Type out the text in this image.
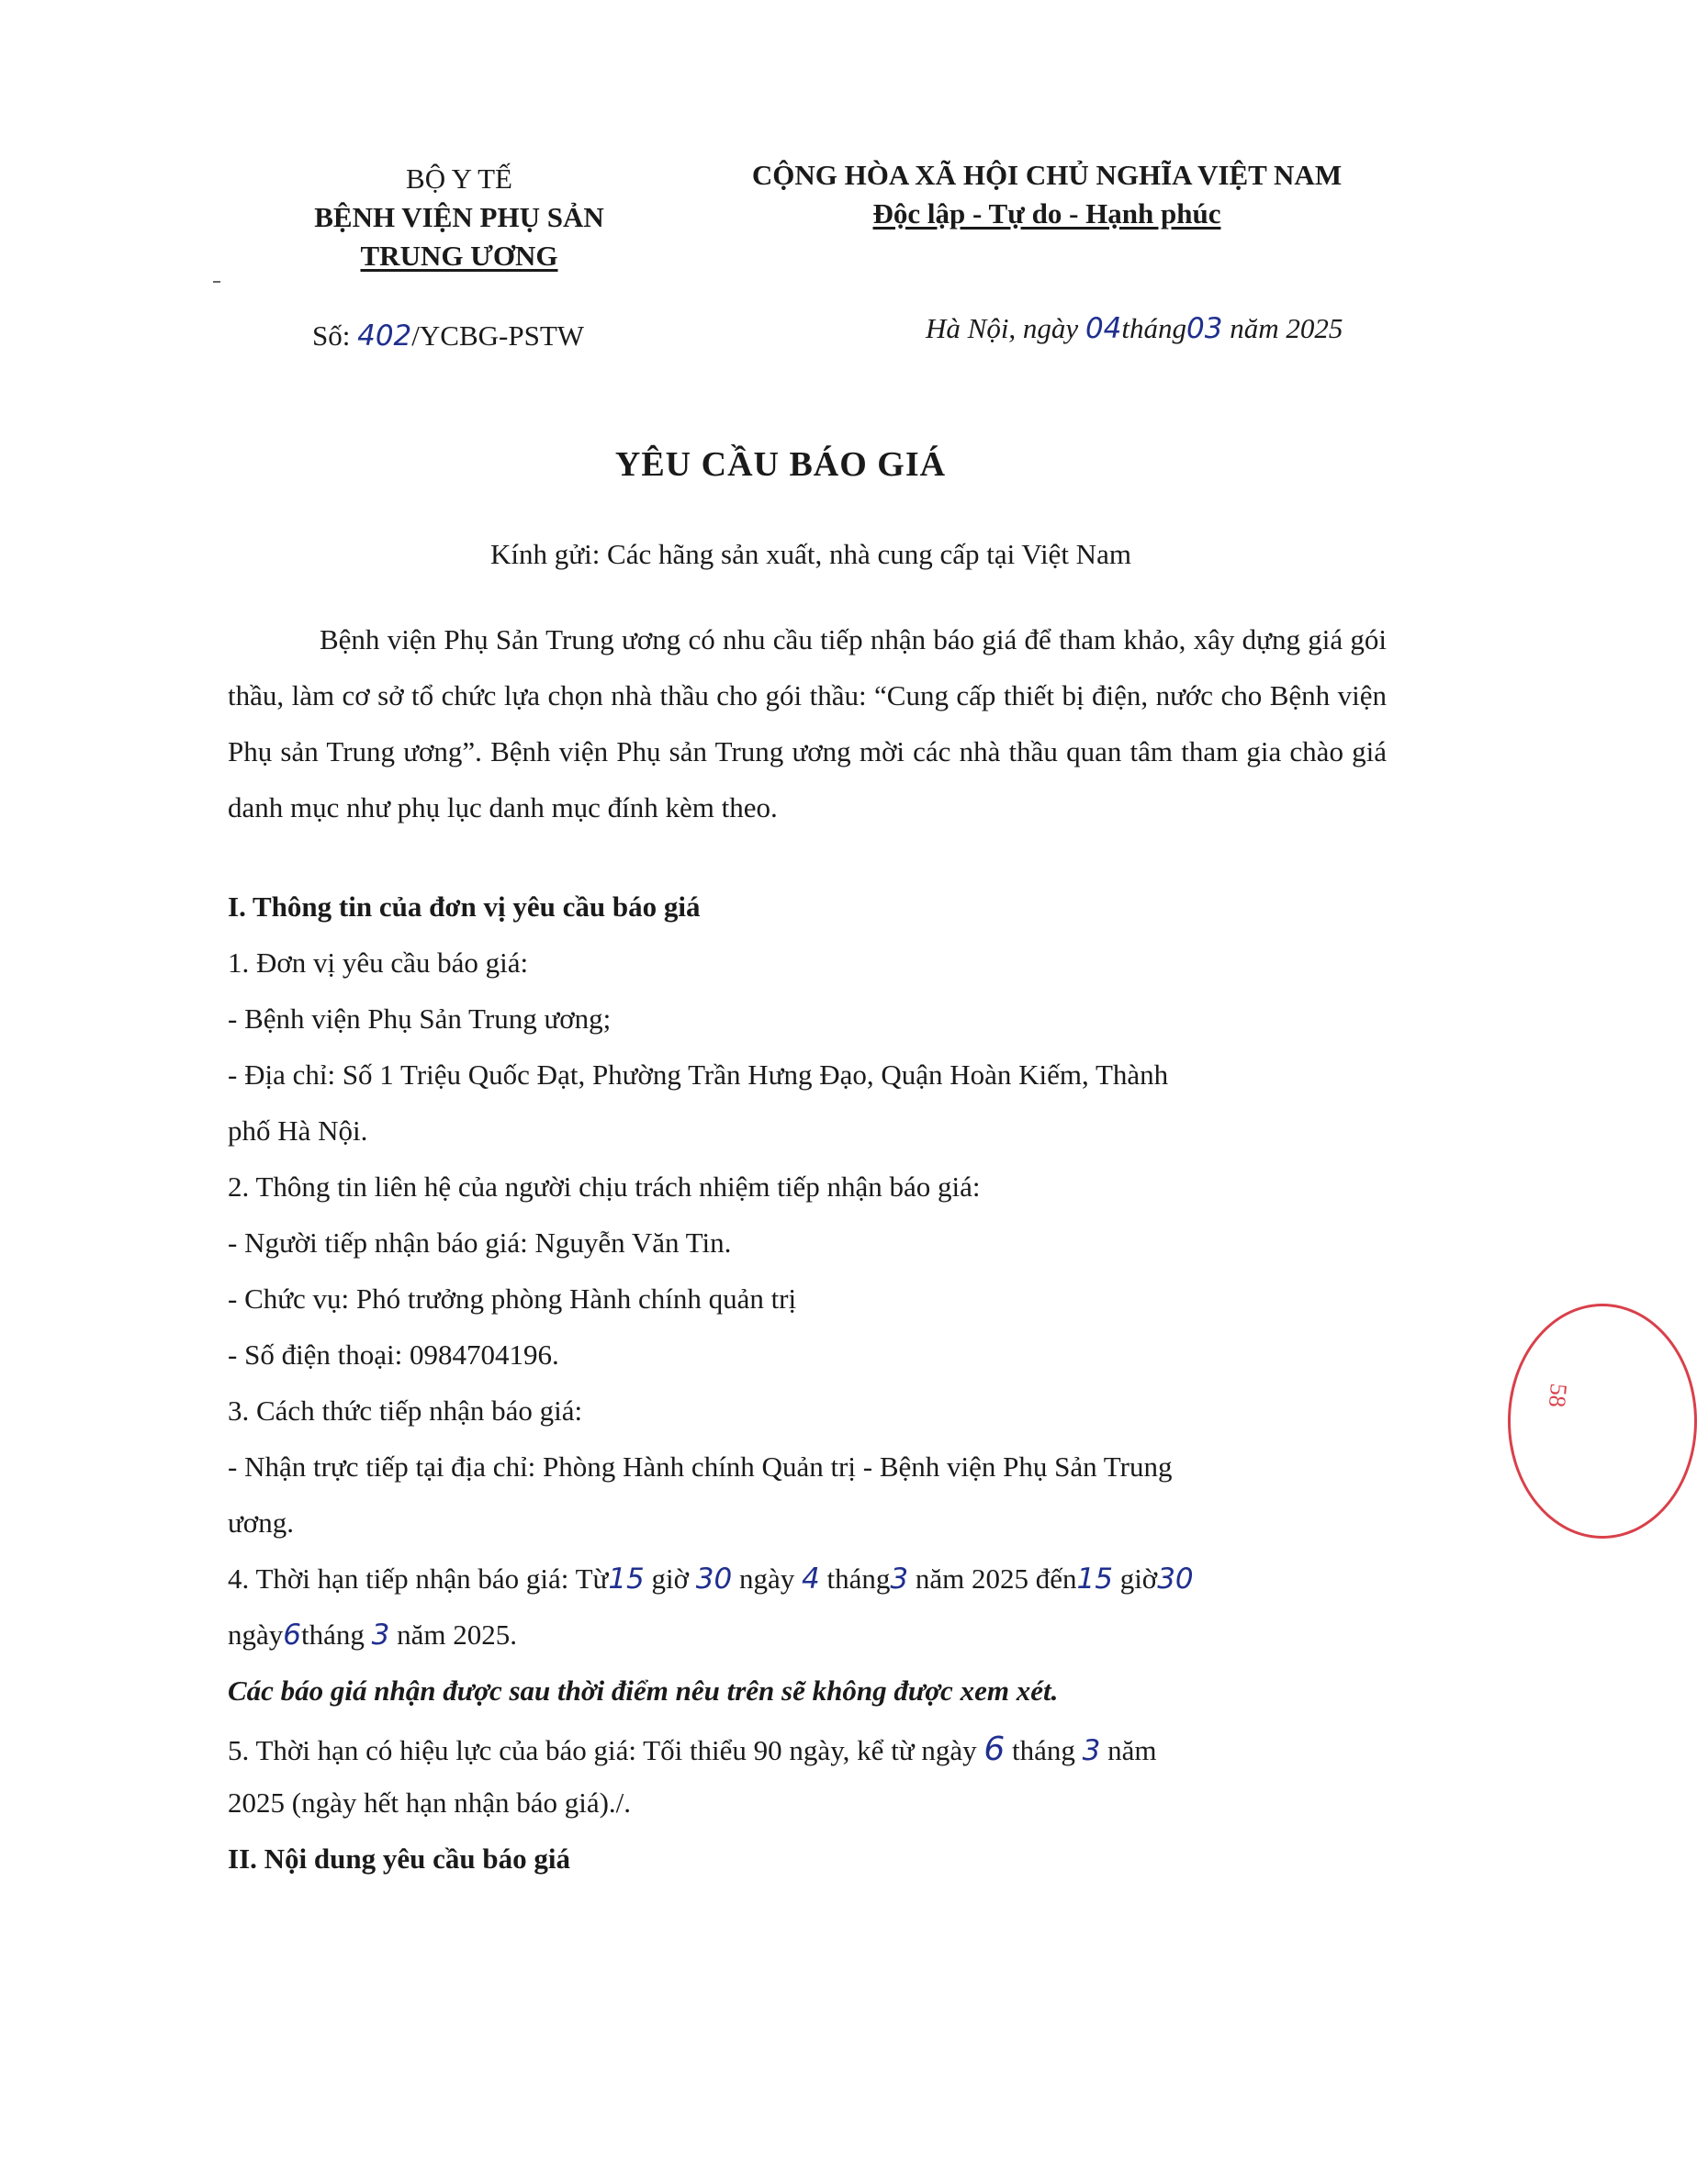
BỘ Y TẾ
BỆNH VIỆN PHỤ SẢN
TRUNG ƯƠNG
CỘNG HÒA XÃ HỘI CHỦ NGHĨA VIỆT NAM
Độc lập - Tự do - Hạnh phúc
Số: 402/YCBG-PSTW	Hà Nội, ngày 04tháng03 năm 2025
YÊU CẦU BÁO GIÁ
Kính gửi: Các hãng sản xuất, nhà cung cấp tại Việt Nam
Bệnh viện Phụ Sản Trung ương có nhu cầu tiếp nhận báo giá để tham khảo, xây dựng giá gói thầu, làm cơ sở tổ chức lựa chọn nhà thầu cho gói thầu: “Cung cấp thiết bị điện, nước cho Bệnh viện Phụ sản Trung ương”. Bệnh viện Phụ sản Trung ương mời các nhà thầu quan tâm tham gia chào giá danh mục như phụ lục danh mục đính kèm theo.
I. Thông tin của đơn vị yêu cầu báo giá
1. Đơn vị yêu cầu báo giá:
- Bệnh viện Phụ Sản Trung ương;
- Địa chỉ: Số 1 Triệu Quốc Đạt, Phường Trần Hưng Đạo, Quận Hoàn Kiếm, Thành
phố Hà Nội.
2. Thông tin liên hệ của người chịu trách nhiệm tiếp nhận báo giá:
- Người tiếp nhận báo giá: Nguyễn Văn Tin.
- Chức vụ: Phó trưởng phòng Hành chính quản trị
- Số điện thoại: 0984704196.
3. Cách thức tiếp nhận báo giá:
- Nhận trực tiếp tại địa chỉ: Phòng Hành chính Quản trị - Bệnh viện Phụ Sản Trung
ương.
4. Thời hạn tiếp nhận báo giá: Từ15 giờ 30 ngày 4 tháng3 năm 2025 đến15 giờ30
ngày6tháng 3 năm 2025.
Các báo giá nhận được sau thời điểm nêu trên sẽ không được xem xét.
5. Thời hạn có hiệu lực của báo giá: Tối thiểu 90 ngày, kể từ ngày 6 tháng 3 năm
2025 (ngày hết hạn nhận báo giá)./.
II. Nội dung yêu cầu báo giá
58
